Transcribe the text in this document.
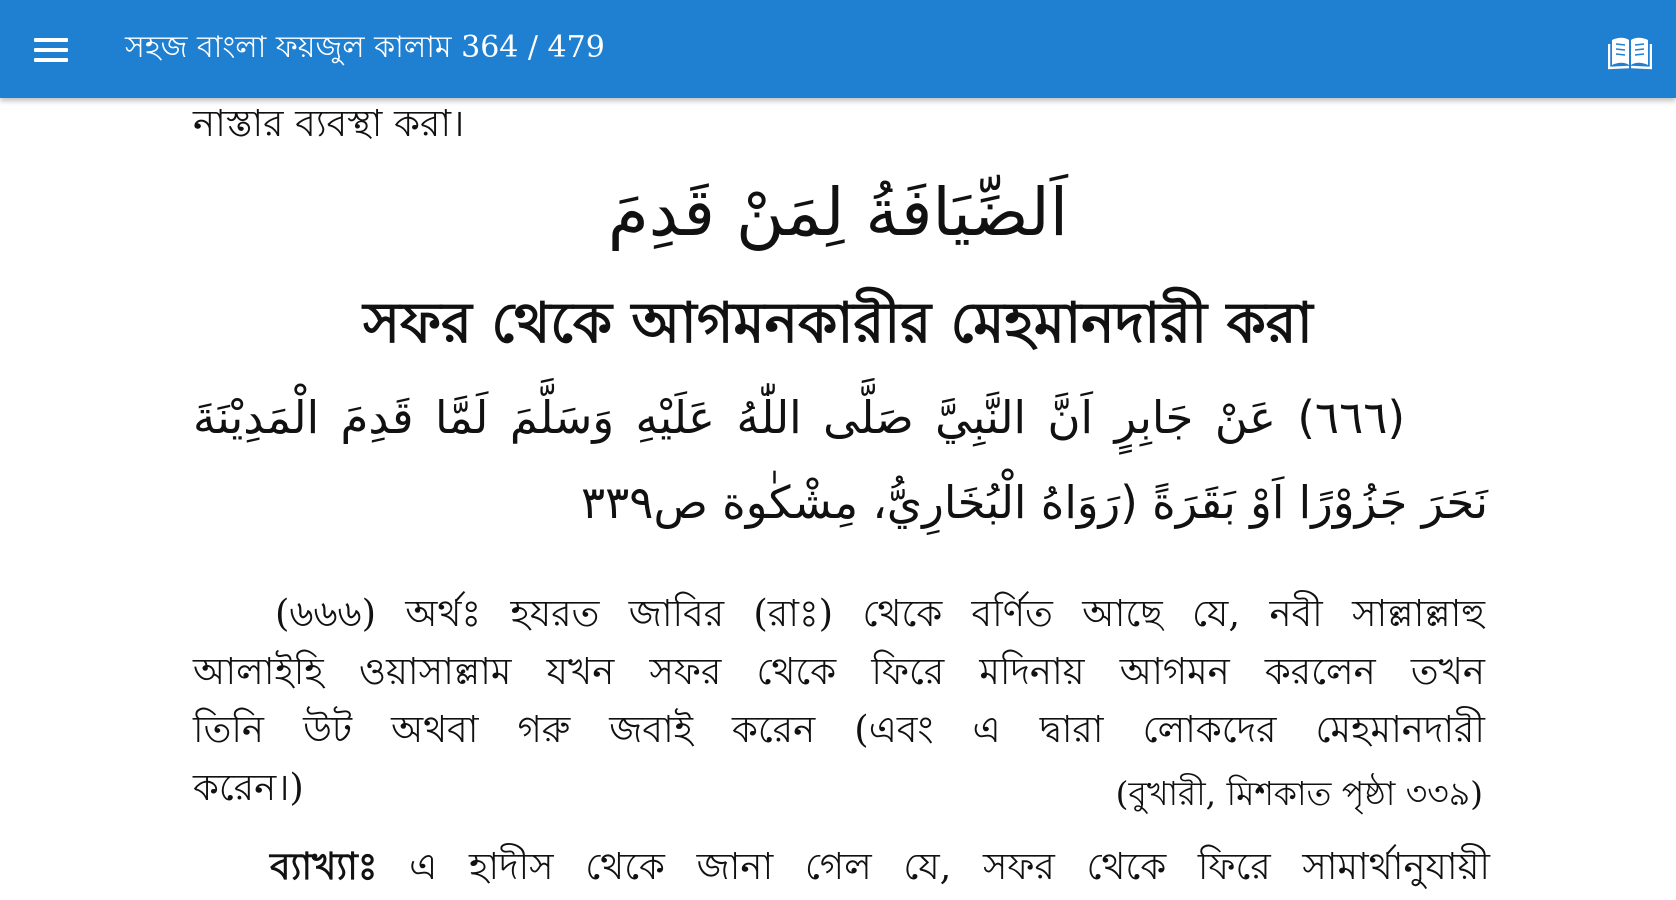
সহজ বাংলা ফয়জুল কালাম 364 / 479
নাস্তার ব্যবস্থা করা।
اَلضِّيَافَةُ لِمَنْ قَدِمَ
সফর থেকে আগমনকারীর মেহমানদারী করা
(٦٦٦) عَنْ جَابِرٍ اَنَّ النَّبِيَّ صَلَّى اللّٰهُ عَلَيْهِ وَسَلَّمَ لَمَّا قَدِمَ الْمَدِيْنَةَ
نَحَرَ جَزُوْرًا اَوْ بَقَرَةً (رَوَاهُ الْبُخَارِيُّ، مِشْكٰوة ص٣٣٩
(৬৬৬) অর্থঃ হযরত জাবির (রাঃ) থেকে বর্ণিত আছে যে, নবী সাল্লাল্লাহু
আলাইহি ওয়াসাল্লাম যখন সফর থেকে ফিরে মদিনায় আগমন করলেন তখন
তিনি উট অথবা গরু জবাই করেন (এবং এ দ্বারা লোকদের মেহমানদারী
করেন।)	(বুখারী, মিশকাত পৃষ্ঠা ৩৩৯)
ব্যাখ্যাঃ এ হাদীস থেকে জানা গেল যে, সফর থেকে ফিরে সামার্থানুযায়ী
